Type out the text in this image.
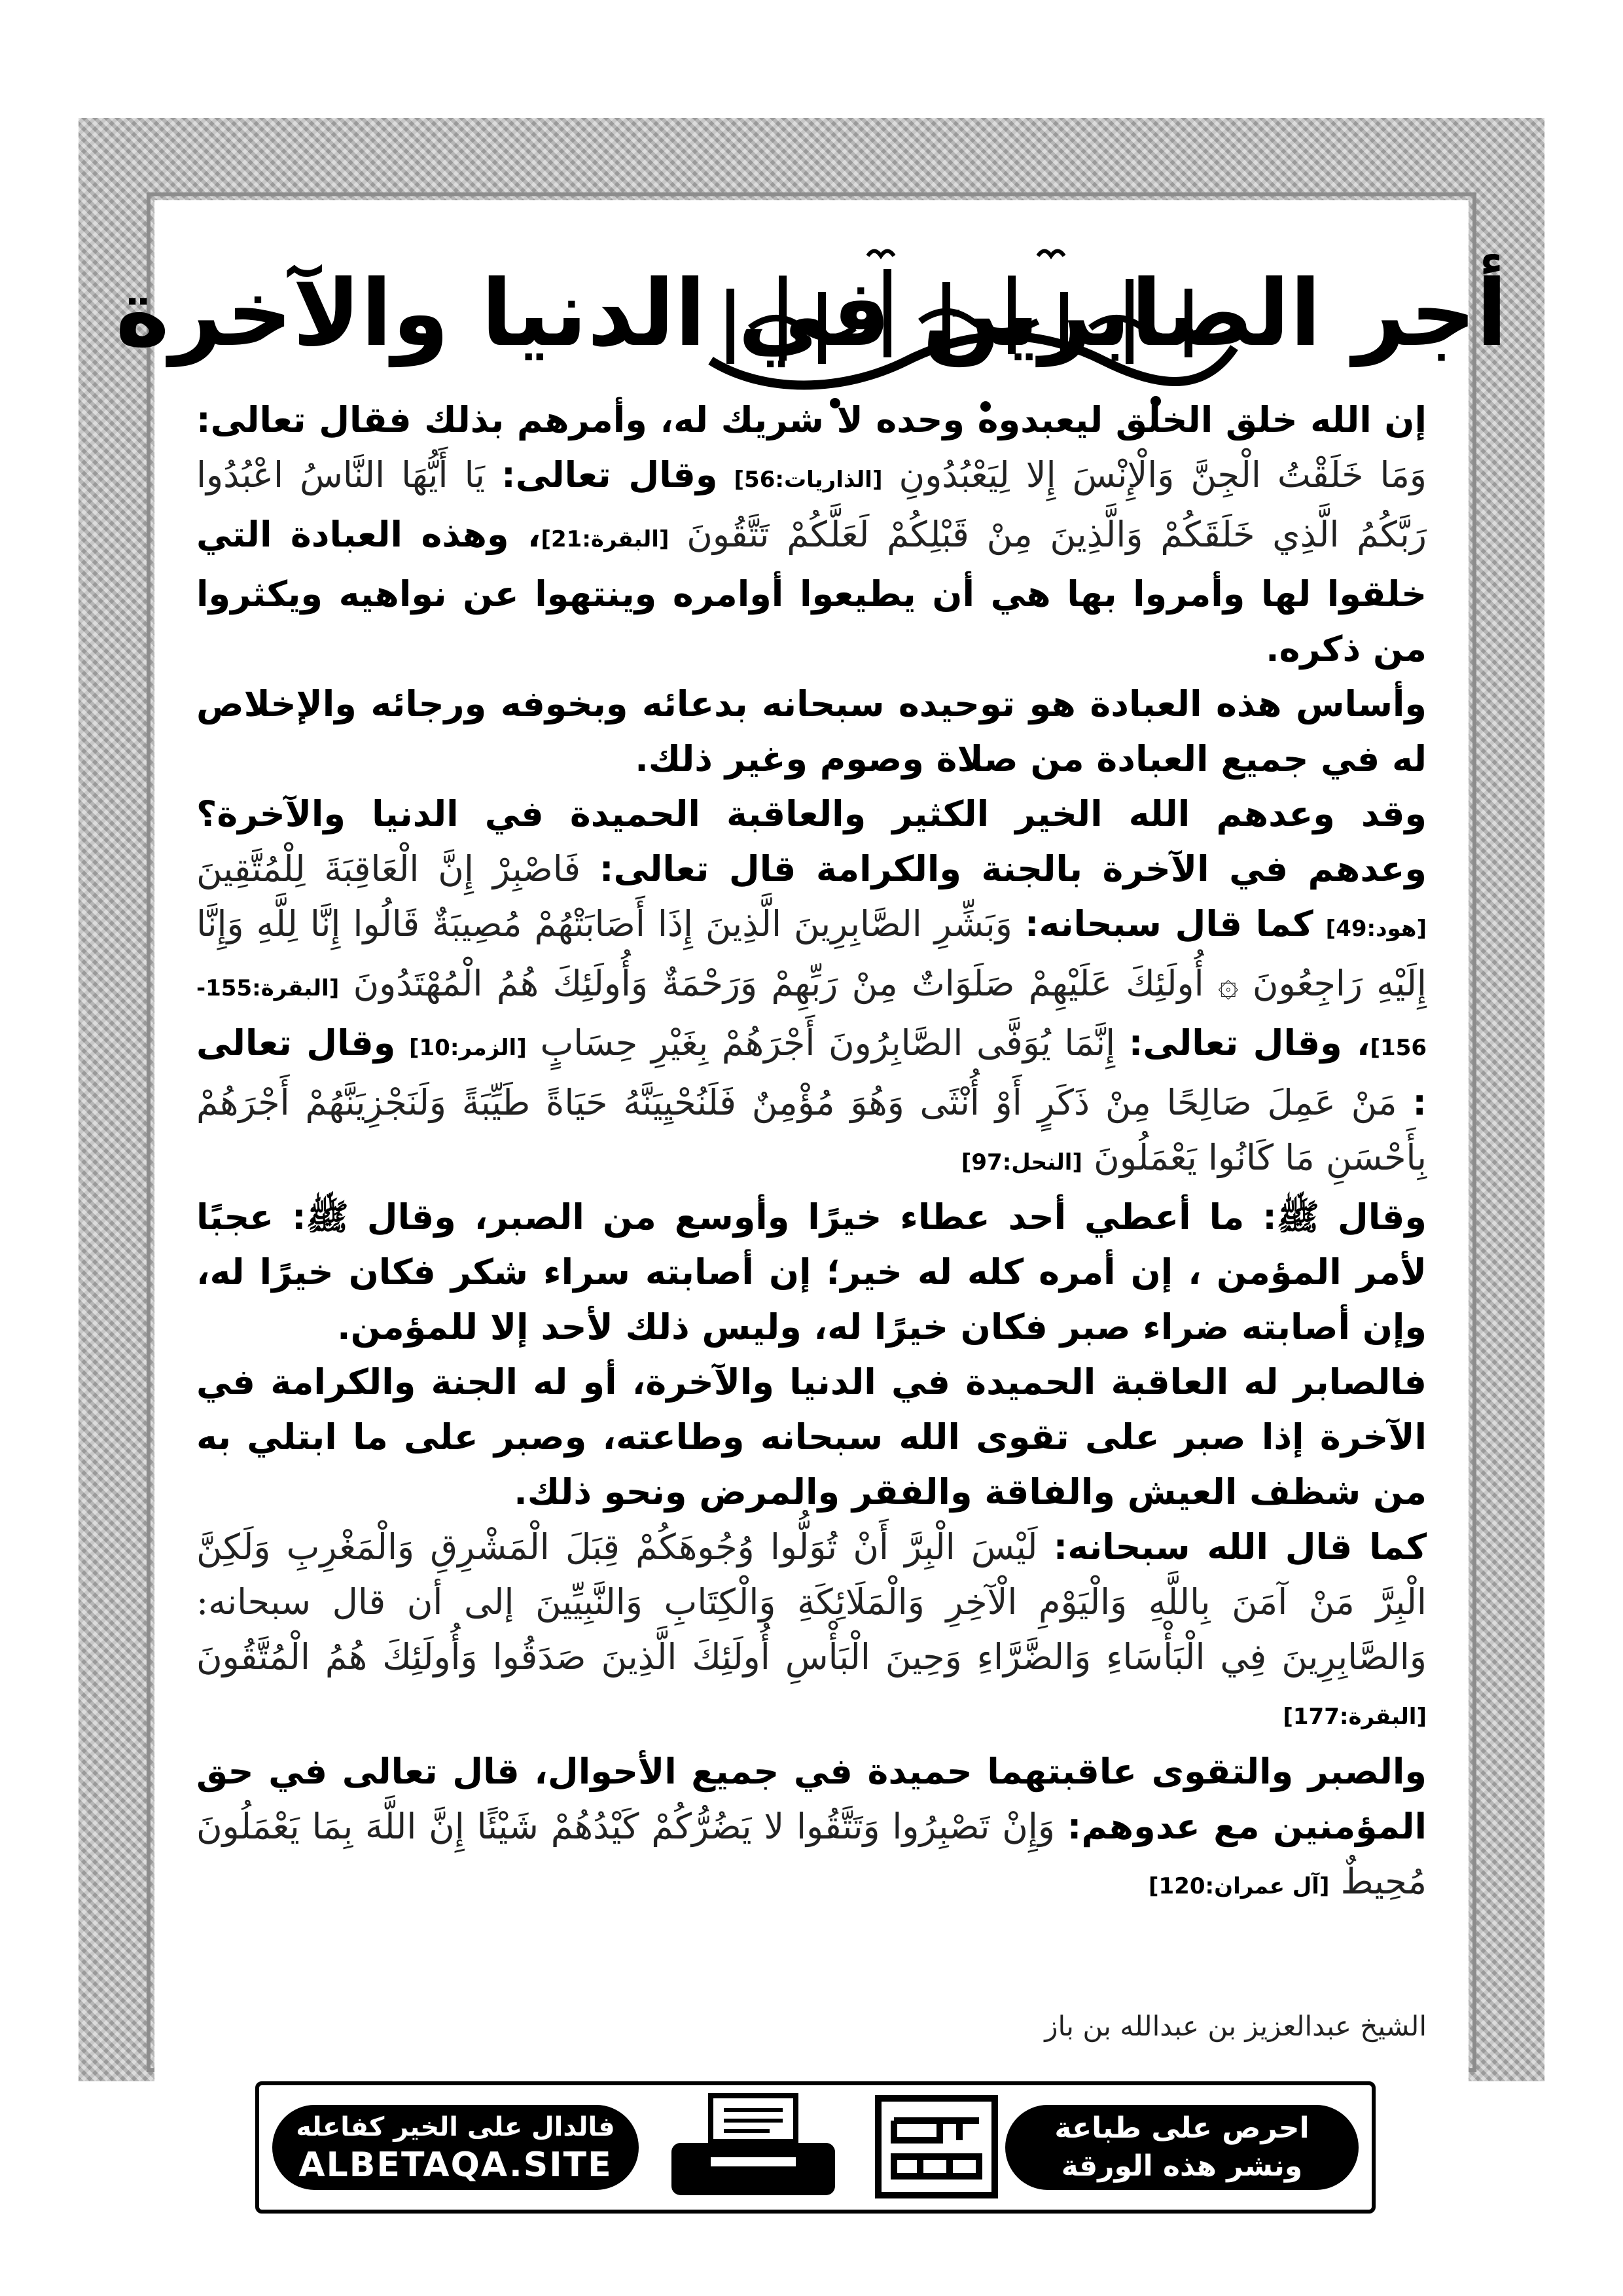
أجر الصابرين في الدنيا والآخرة

إن الله خلق الخلق ليعبدوه وحده لا شريك له، وأمرهم بذلك فقال تعالى: وَمَا خَلَقْتُ الْجِنَّ وَالْإِنْسَ إِلا لِيَعْبُدُونِ [الذاريات:56] وقال تعالى: يَا أَيُّهَا النَّاسُ اعْبُدُوا رَبَّكُمُ الَّذِي خَلَقَكُمْ وَالَّذِينَ مِنْ قَبْلِكُمْ لَعَلَّكُمْ تَتَّقُونَ [البقرة:21]، وهذه العبادة التي خلقوا لها وأمروا بها هي أن يطيعوا أوامره وينتهوا عن نواهيه ويكثروا من ذكره.

وأساس هذه العبادة هو توحيده سبحانه بدعائه وبخوفه ورجائه والإخلاص له في جميع العبادة من صلاة وصوم وغير ذلك.

وقد وعدهم الله الخير الكثير والعاقبة الحميدة في الدنيا والآخرة؟ وعدهم في الآخرة بالجنة والكرامة قال تعالى: فَاصْبِرْ إِنَّ الْعَاقِبَةَ لِلْمُتَّقِينَ [هود:49] كما قال سبحانه: وَبَشِّرِ الصَّابِرِينَ الَّذِينَ إِذَا أَصَابَتْهُمْ مُصِيبَةٌ قَالُوا إِنَّا لِلَّهِ وَإِنَّا إِلَيْهِ رَاجِعُونَ ۞ أُولَئِكَ عَلَيْهِمْ صَلَوَاتٌ مِنْ رَبِّهِمْ وَرَحْمَةٌ وَأُولَئِكَ هُمُ الْمُهْتَدُونَ [البقرة:155-156]، وقال تعالى: إِنَّمَا يُوَفَّى الصَّابِرُونَ أَجْرَهُمْ بِغَيْرِ حِسَابٍ [الزمر:10] وقال تعالى : مَنْ عَمِلَ صَالِحًا مِنْ ذَكَرٍ أَوْ أُنْثَى وَهُوَ مُؤْمِنٌ فَلَنُحْيِيَنَّهُ حَيَاةً طَيِّبَةً وَلَنَجْزِيَنَّهُمْ أَجْرَهُمْ بِأَحْسَنِ مَا كَانُوا يَعْمَلُونَ [النحل:97]

وقال ﷺ: ما أعطي أحد عطاء خيرًا وأوسع من الصبر، وقال ﷺ: عجبًا لأمر المؤمن ، إن أمره كله له خير؛ إن أصابته سراء شكر فكان خيرًا له، وإن أصابته ضراء صبر فكان خيرًا له، وليس ذلك لأحد إلا للمؤمن.

فالصابر له العاقبة الحميدة في الدنيا والآخرة، أو له الجنة والكرامة في الآخرة إذا صبر على تقوى الله سبحانه وطاعته، وصبر على ما ابتلي به من شظف العيش والفاقة والفقر والمرض ونحو ذلك.

كما قال الله سبحانه: لَيْسَ الْبِرَّ أَنْ تُوَلُّوا وُجُوهَكُمْ قِبَلَ الْمَشْرِقِ وَالْمَغْرِبِ وَلَكِنَّ الْبِرَّ مَنْ آمَنَ بِاللَّهِ وَالْيَوْمِ الْآخِرِ وَالْمَلَائِكَةِ وَالْكِتَابِ وَالنَّبِيِّينَ إلى أن قال سبحانه: وَالصَّابِرِينَ فِي الْبَأْسَاءِ وَالضَّرَّاءِ وَحِينَ الْبَأْسِ أُولَئِكَ الَّذِينَ صَدَقُوا وَأُولَئِكَ هُمُ الْمُتَّقُونَ [البقرة:177]

والصبر والتقوى عاقبتهما حميدة في جميع الأحوال، قال تعالى في حق المؤمنين مع عدوهم: وَإِنْ تَصْبِرُوا وَتَتَّقُوا لا يَضُرُّكُمْ كَيْدُهُمْ شَيْئًا إِنَّ اللَّهَ بِمَا يَعْمَلُونَ مُحِيطٌ [آل عمران:120]

الشيخ عبدالعزيز بن عبدالله بن باز
احرص على طباعة
ونشر هذه الورقة
فالدال على الخير كفاعله
ALBETAQA.SITE
